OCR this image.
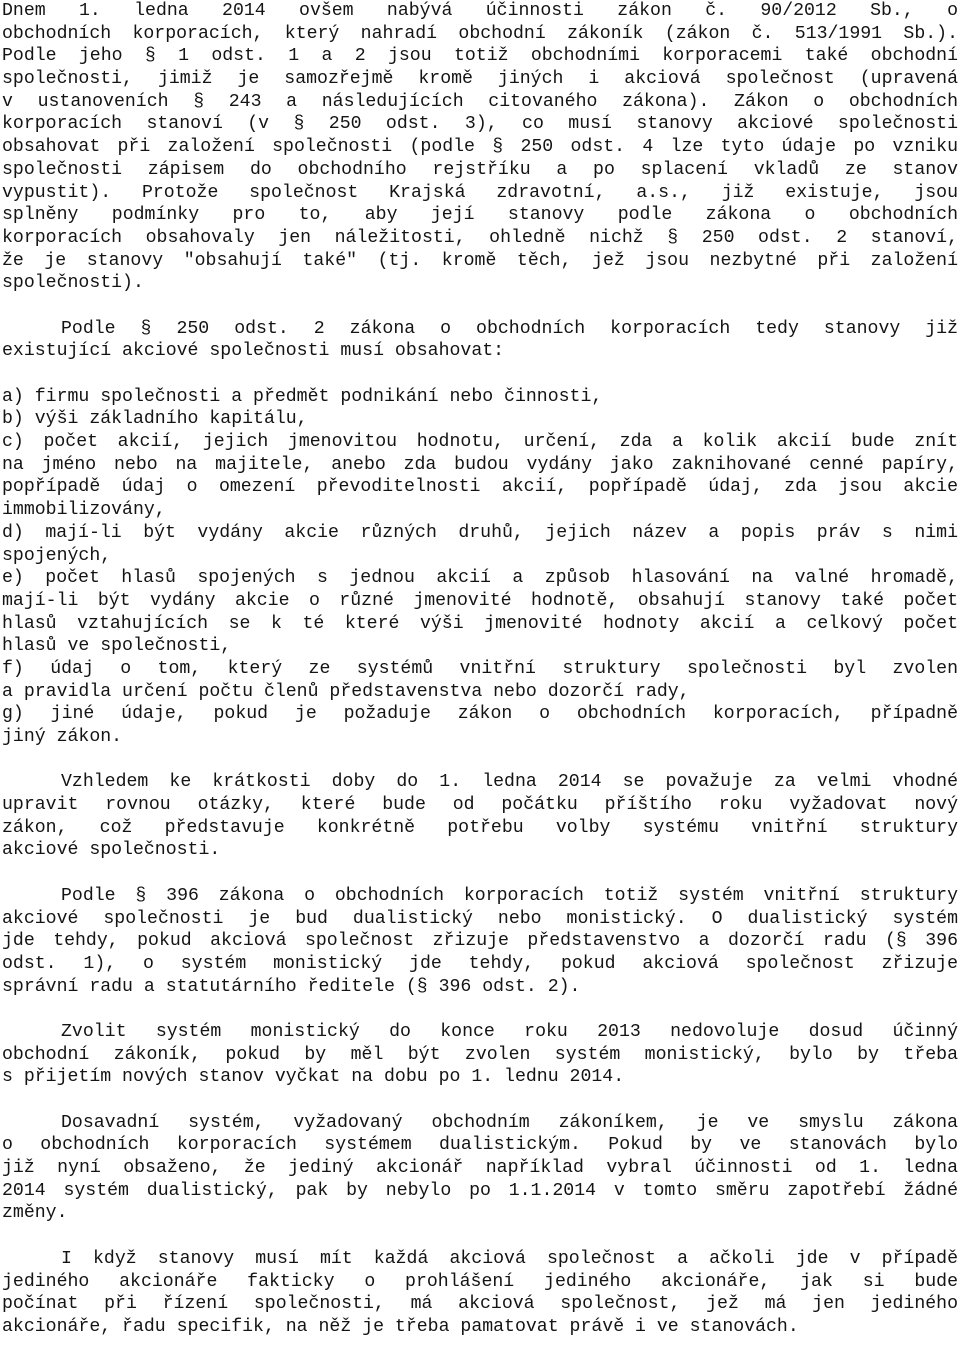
Dnem 1. ledna 2014 ovšem nabývá účinnosti zákon č. 90/2012 Sb., o
obchodních korporacích, který nahradí obchodní zákoník (zákon č. 513/1991 Sb.).
Podle jeho § 1 odst. 1 a 2 jsou totiž obchodními korporacemi také obchodní
společnosti, jimiž je samozřejmě kromě jiných i akciová společnost (upravená
v ustanoveních § 243 a následujících citovaného zákona). Zákon o obchodních
korporacích stanoví (v § 250 odst. 3), co musí stanovy akciové společnosti
obsahovat při založení společnosti (podle § 250 odst. 4 lze tyto údaje po vzniku
společnosti zápisem do obchodního rejstříku a po splacení vkladů ze stanov
vypustit). Protože společnost Krajská zdravotní, a.s., již existuje, jsou
splněny podmínky pro to, aby její stanovy podle zákona o obchodních
korporacích obsahovaly jen náležitosti, ohledně nichž § 250 odst. 2 stanoví,
že je stanovy "obsahují také" (tj. kromě těch, jež jsou nezbytné při založení
společnosti).
Podle § 250 odst. 2 zákona o obchodních korporacích tedy stanovy již
existující akciové společnosti musí obsahovat:
a) firmu společnosti a předmět podnikání nebo činnosti,
b) výši základního kapitálu,
c) počet akcií, jejich jmenovitou hodnotu, určení, zda a kolik akcií bude znít
na jméno nebo na majitele, anebo zda budou vydány jako zaknihované cenné papíry,
popřípadě údaj o omezení převoditelnosti akcií, popřípadě údaj, zda jsou akcie
immobilizovány,
d) mají-li být vydány akcie různých druhů, jejich název a popis práv s nimi
spojených,
e) počet hlasů spojených s jednou akcií a způsob hlasování na valné hromadě,
mají-li být vydány akcie o různé jmenovité hodnotě, obsahují stanovy také počet
hlasů vztahujících se k té které výši jmenovité hodnoty akcií a celkový počet
hlasů ve společnosti,
f) údaj o tom, který ze systémů vnitřní struktury společnosti byl zvolen
a pravidla určení počtu členů představenstva nebo dozorčí rady,
g) jiné údaje, pokud je požaduje zákon o obchodních korporacích, případně
jiný zákon.
Vzhledem ke krátkosti doby do 1. ledna 2014 se považuje za velmi vhodné
upravit rovnou otázky, které bude od počátku příštího roku vyžadovat nový
zákon, což představuje konkrétně potřebu volby systému vnitřní struktury
akciové společnosti.
Podle § 396 zákona o obchodních korporacích totiž systém vnitřní struktury
akciové společnosti je bud dualistický nebo monistický. O dualistický systém
jde tehdy, pokud akciová společnost zřizuje představenstvo a dozorčí radu (§ 396
odst. 1), o systém monistický jde tehdy, pokud akciová společnost zřizuje
správní radu a statutárního ředitele (§ 396 odst. 2).
Zvolit systém monistický do konce roku 2013 nedovoluje dosud účinný
obchodní zákoník, pokud by měl být zvolen systém monistický, bylo by třeba
s přijetím nových stanov vyčkat na dobu po 1. lednu 2014.
Dosavadní systém, vyžadovaný obchodním zákoníkem, je ve smyslu zákona
o obchodních korporacích systémem dualistickým. Pokud by ve stanovách bylo
již nyní obsaženo, že jediný akcionář například vybral účinnosti od 1. ledna
2014 systém dualistický, pak by nebylo po 1.1.2014 v tomto směru zapotřebí žádné
změny.
I když stanovy musí mít každá akciová společnost a ačkoli jde v případě
jediného akcionáře fakticky o prohlášení jediného akcionáře, jak si bude
počínat při řízení společnosti, má akciová společnost, jež má jen jediného
akcionáře, řadu specifik, na něž je třeba pamatovat právě i ve stanovách.
